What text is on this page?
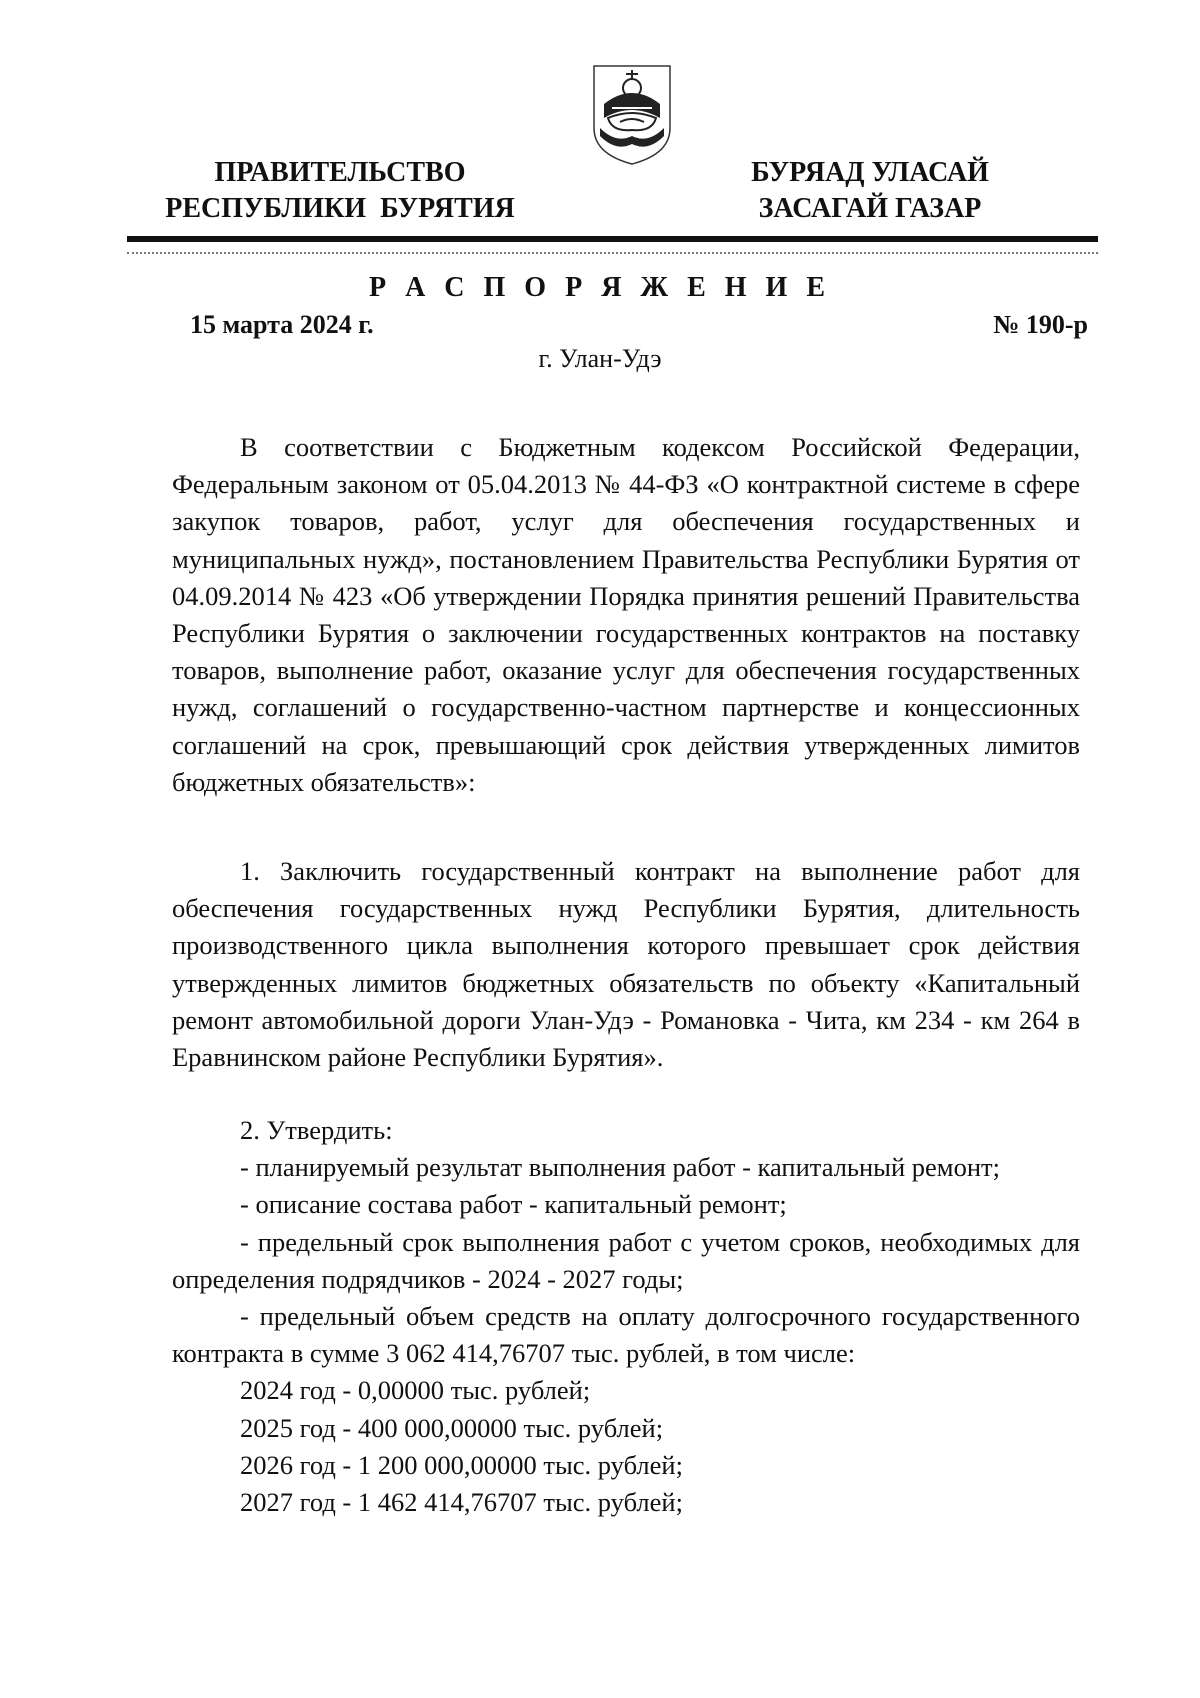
ПРАВИТЕЛЬСТВО
РЕСПУБЛИКИ  БУРЯТИЯ
БУРЯАД УЛАСАЙ
ЗАСАГАЙ ГАЗАР
Р А С П О Р Я Ж Е Н И Е
15 марта 2024 г.	№ 190-р
г. Улан-Удэ

В соответствии с Бюджетным кодексом Российской Федерации, Федеральным законом от 05.04.2013 № 44-ФЗ «О контрактной системе в сфере закупок товаров, работ, услуг для обеспечения государственных и муниципальных нужд», постановлением Правительства Республики Бурятия от 04.09.2014 № 423 «Об утверждении Порядка принятия решений Правительства Республики Бурятия о заключении государственных контрактов на поставку товаров, выполнение работ, оказание услуг для обеспечения государственных нужд, соглашений о государственно-частном партнерстве и концессионных соглашений на срок, превышающий срок действия утвержденных лимитов бюджетных обязательств»:

1. Заключить государственный контракт на выполнение работ для обеспечения государственных нужд Республики Бурятия, длительность производственного цикла выполнения которого превышает срок действия утвержденных лимитов бюджетных обязательств по объекту «Капитальный ремонт автомобильной дороги Улан-Удэ - Романовка - Чита, км 234 - км 264 в Еравнинском районе Республики Бурятия».

2. Утвердить:

- планируемый результат выполнения работ - капитальный ремонт;

- описание состава работ - капитальный ремонт;

- предельный срок выполнения работ с учетом сроков, необходимых для определения подрядчиков - 2024 - 2027 годы;

- предельный объем средств на оплату долгосрочного государственного контракта в сумме 3 062 414,76707 тыс. рублей, в том числе:

2024 год - 0,00000 тыс. рублей;

2025 год - 400 000,00000 тыс. рублей;

2026 год - 1 200 000,00000 тыс. рублей;

2027 год - 1 462 414,76707 тыс. рублей;
